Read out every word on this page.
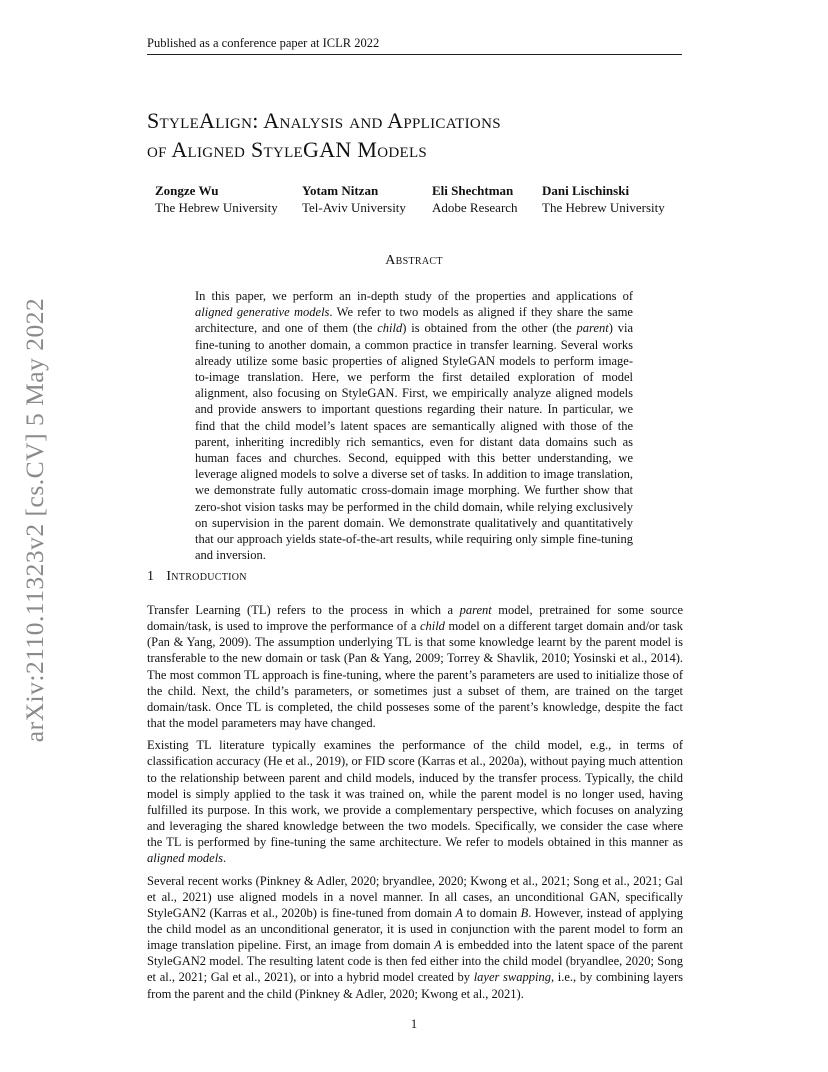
arXiv:2110.11323v2 [cs.CV] 5 May 2022
Published as a conference paper at ICLR 2022
StyleAlign: Analysis and Applications
of Aligned StyleGAN Models
Zongze Wu
The Hebrew University
Yotam Nitzan
Tel-Aviv University
Eli Shechtman
Adobe Research
Dani Lischinski
The Hebrew University
Abstract
In this paper, we perform an in-depth study of the properties and applications of aligned generative models. We refer to two models as aligned if they share the same architecture, and one of them (the child) is obtained from the other (the parent) via fine-tuning to another domain, a common practice in transfer learning. Several works already utilize some basic properties of aligned StyleGAN models to perform image-to-image translation. Here, we perform the first detailed exploration of model alignment, also focusing on StyleGAN. First, we empirically analyze aligned models and provide answers to important questions regarding their nature. In particular, we find that the child model’s latent spaces are semantically aligned with those of the parent, inheriting incredibly rich semantics, even for distant data domains such as human faces and churches. Second, equipped with this better understanding, we leverage aligned models to solve a diverse set of tasks. In addition to image translation, we demonstrate fully automatic cross-domain image morphing. We further show that zero-shot vision tasks may be performed in the child domain, while relying exclusively on supervision in the parent domain. We demonstrate qualitatively and quantitatively that our approach yields state-of-the-art results, while requiring only simple fine-tuning and inversion.
1 Introduction

Transfer Learning (TL) refers to the process in which a parent model, pretrained for some source domain/task, is used to improve the performance of a child model on a different target domain and/or task (Pan & Yang, 2009). The assumption underlying TL is that some knowledge learnt by the parent model is transferable to the new domain or task (Pan & Yang, 2009; Torrey & Shavlik, 2010; Yosinski et al., 2014). The most common TL approach is fine-tuning, where the parent’s parameters are used to initialize those of the child. Next, the child’s parameters, or sometimes just a subset of them, are trained on the target domain/task. Once TL is completed, the child posseses some of the parent’s knowledge, despite the fact that the model parameters may have changed.

Existing TL literature typically examines the performance of the child model, e.g., in terms of classification accuracy (He et al., 2019), or FID score (Karras et al., 2020a), without paying much attention to the relationship between parent and child models, induced by the transfer process. Typically, the child model is simply applied to the task it was trained on, while the parent model is no longer used, having fulfilled its purpose. In this work, we provide a complementary perspective, which focuses on analyzing and leveraging the shared knowledge between the two models. Specifically, we consider the case where the TL is performed by fine-tuning the same architecture. We refer to models obtained in this manner as aligned models.

Several recent works (Pinkney & Adler, 2020; bryandlee, 2020; Kwong et al., 2021; Song et al., 2021; Gal et al., 2021) use aligned models in a novel manner. In all cases, an unconditional GAN, specifically StyleGAN2 (Karras et al., 2020b) is fine-tuned from domain A to domain B. However, instead of applying the child model as an unconditional generator, it is used in conjunction with the parent model to form an image translation pipeline. First, an image from domain A is embedded into the latent space of the parent StyleGAN2 model. The resulting latent code is then fed either into the child model (bryandlee, 2020; Song et al., 2021; Gal et al., 2021), or into a hybrid model created by layer swapping, i.e., by combining layers from the parent and the child (Pinkney & Adler, 2020; Kwong et al., 2021).

1
